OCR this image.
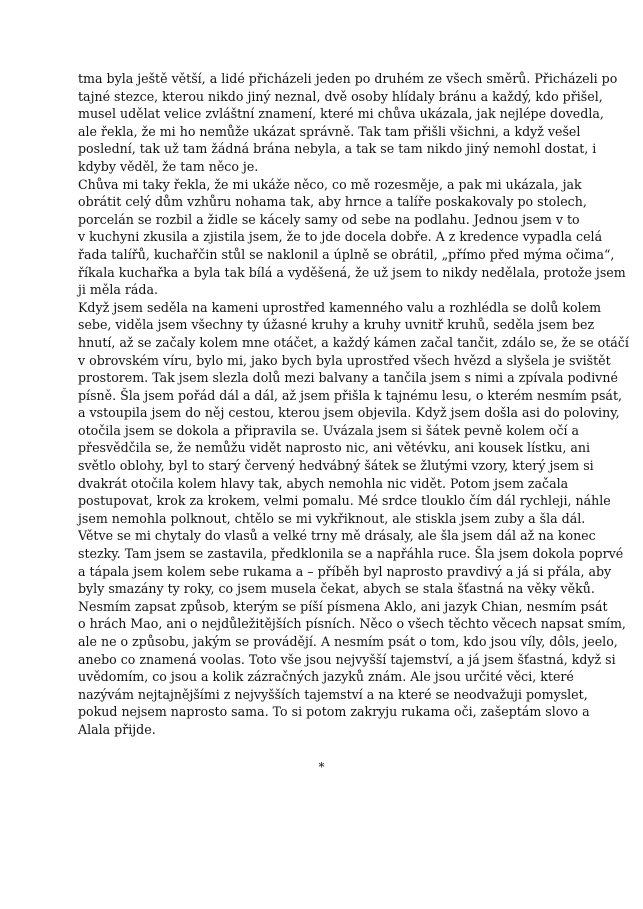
tma byla ještě větší, a lidé přicházeli jeden po druhém ze všech směrů. Přicházeli po
tajné stezce, kterou nikdo jiný neznal, dvě osoby hlídaly bránu a každý, kdo přišel,
musel udělat velice zvláštní znamení, které mi chůva ukázala, jak nejlépe dovedla,
ale řekla, že mi ho nemůže ukázat správně. Tak tam přišli všichni, a když vešel
poslední, tak už tam žádná brána nebyla, a tak se tam nikdo jiný nemohl dostat, i
kdyby věděl, že tam něco je.
Chůva mi taky řekla, že mi ukáže něco, co mě rozesměje, a pak mi ukázala, jak
obrátit celý dům vzhůru nohama tak, aby hrnce a talíře poskakovaly po stolech,
porcelán se rozbil a židle se kácely samy od sebe na podlahu. Jednou jsem v to
v kuchyni zkusila a zjistila jsem, že to jde docela dobře. A z kredence vypadla celá
řada talířů, kuchařčin stůl se naklonil a úplně se obrátil, „přímo před mýma očima“,
říkala kuchařka a byla tak bílá a vyděšená, že už jsem to nikdy nedělala, protože jsem
ji měla ráda.
Když jsem seděla na kameni uprostřed kamenného valu a rozhlédla se dolů kolem
sebe, viděla jsem všechny ty úžasné kruhy a kruhy uvnitř kruhů, seděla jsem bez
hnutí, až se začaly kolem mne otáčet, a každý kámen začal tančit, zdálo se, že se otáčí
v obrovském víru, bylo mi, jako bych byla uprostřed všech hvězd a slyšela je svištět
prostorem. Tak jsem slezla dolů mezi balvany a tančila jsem s nimi a zpívala podivné
písně. Šla jsem pořád dál a dál, až jsem přišla k tajnému lesu, o kterém nesmím psát,
a vstoupila jsem do něj cestou, kterou jsem objevila. Když jsem došla asi do poloviny,
otočila jsem se dokola a připravila se. Uvázala jsem si šátek pevně kolem očí a
přesvědčila se, že nemůžu vidět naprosto nic, ani větévku, ani kousek lístku, ani
světlo oblohy, byl to starý červený hedvábný šátek se žlutými vzory, který jsem si
dvakrát otočila kolem hlavy tak, abych nemohla nic vidět. Potom jsem začala
postupovat, krok za krokem, velmi pomalu. Mé srdce tlouklo čím dál rychleji, náhle
jsem nemohla polknout, chtělo se mi vykřiknout, ale stiskla jsem zuby a šla dál.
Větve se mi chytaly do vlasů a velké trny mě drásaly, ale šla jsem dál až na konec
stezky. Tam jsem se zastavila, předklonila se a napřáhla ruce. Šla jsem dokola poprvé
a tápala jsem kolem sebe rukama a – příběh byl naprosto pravdivý a já si přála, aby
byly smazány ty roky, co jsem musela čekat, abych se stala šťastná na věky věků.
Nesmím zapsat způsob, kterým se píší písmena Aklo, ani jazyk Chian, nesmím psát
o hrách Mao, ani o nejdůležitějších písních. Něco o všech těchto věcech napsat smím,
ale ne o způsobu, jakým se provádějí. A nesmím psát o tom, kdo jsou víly, dôls, jeelo,
anebo co znamená voolas. Toto vše jsou nejvyšší tajemství, a já jsem šťastná, když si
uvědomím, co jsou a kolik zázračných jazyků znám. Ale jsou určité věci, které
nazývám nejtajnějšími z nejvyšších tajemství a na které se neodvažuji pomyslet,
pokud nejsem naprosto sama. To si potom zakryju rukama oči, zašeptám slovo a
Alala přijde.
*
